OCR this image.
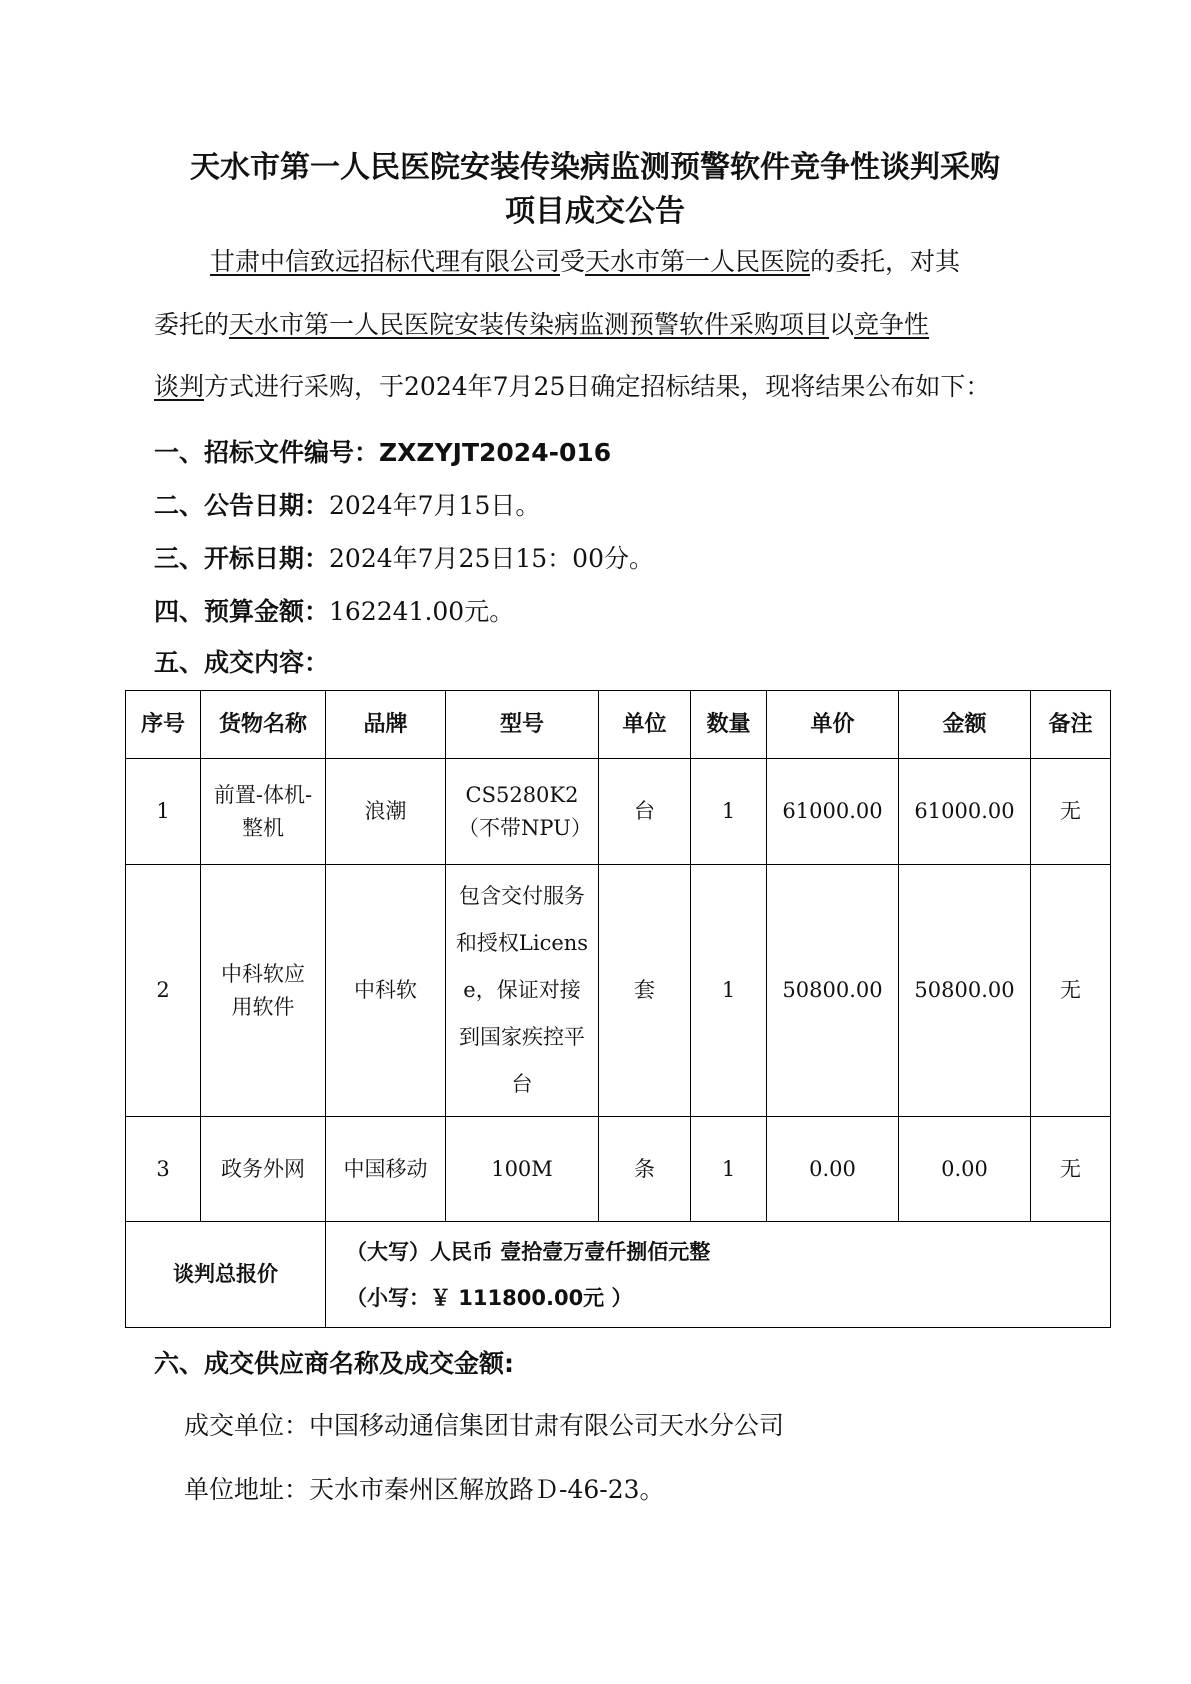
天水市第一人民医院安装传染病监测预警软件竞争性谈判采购
项目成交公告
甘肃中信致远招标代理有限公司受天水市第一人民医院的委托，对其
委托的天水市第一人民医院安装传染病监测预警软件采购项目以竞争性
谈判方式进行采购，于2024年7月25日确定招标结果，现将结果公布如下：
一、招标文件编号：ZXZYJT2024-016
二、公告日期：2024年7月15日。
三、开标日期：2024年7月25日15：00分。
四、预算金额：162241.00元。
五、成交内容：
序号	货物名称	品牌	型号	单位	数量	单价	金额	备注
1	前置-体机-整机	浪潮	CS5280K2（不带NPU）	台	1	61000.00	61000.00	无
2	中科软应用软件	中科软	包含交付服务和授权License，保证对接到国家疾控平台	套	1	50800.00	50800.00	无
3	政务外网	中国移动	100M	条	1	0.00	0.00	无
谈判总报价		（大写）人民币 壹拾壹万壹仟捌佰元整
（小写：￥ 111800.00元 ）						
六、成交供应商名称及成交金额:
成交单位：中国移动通信集团甘肃有限公司天水分公司
单位地址：天水市秦州区解放路Ｄ-46-23。
